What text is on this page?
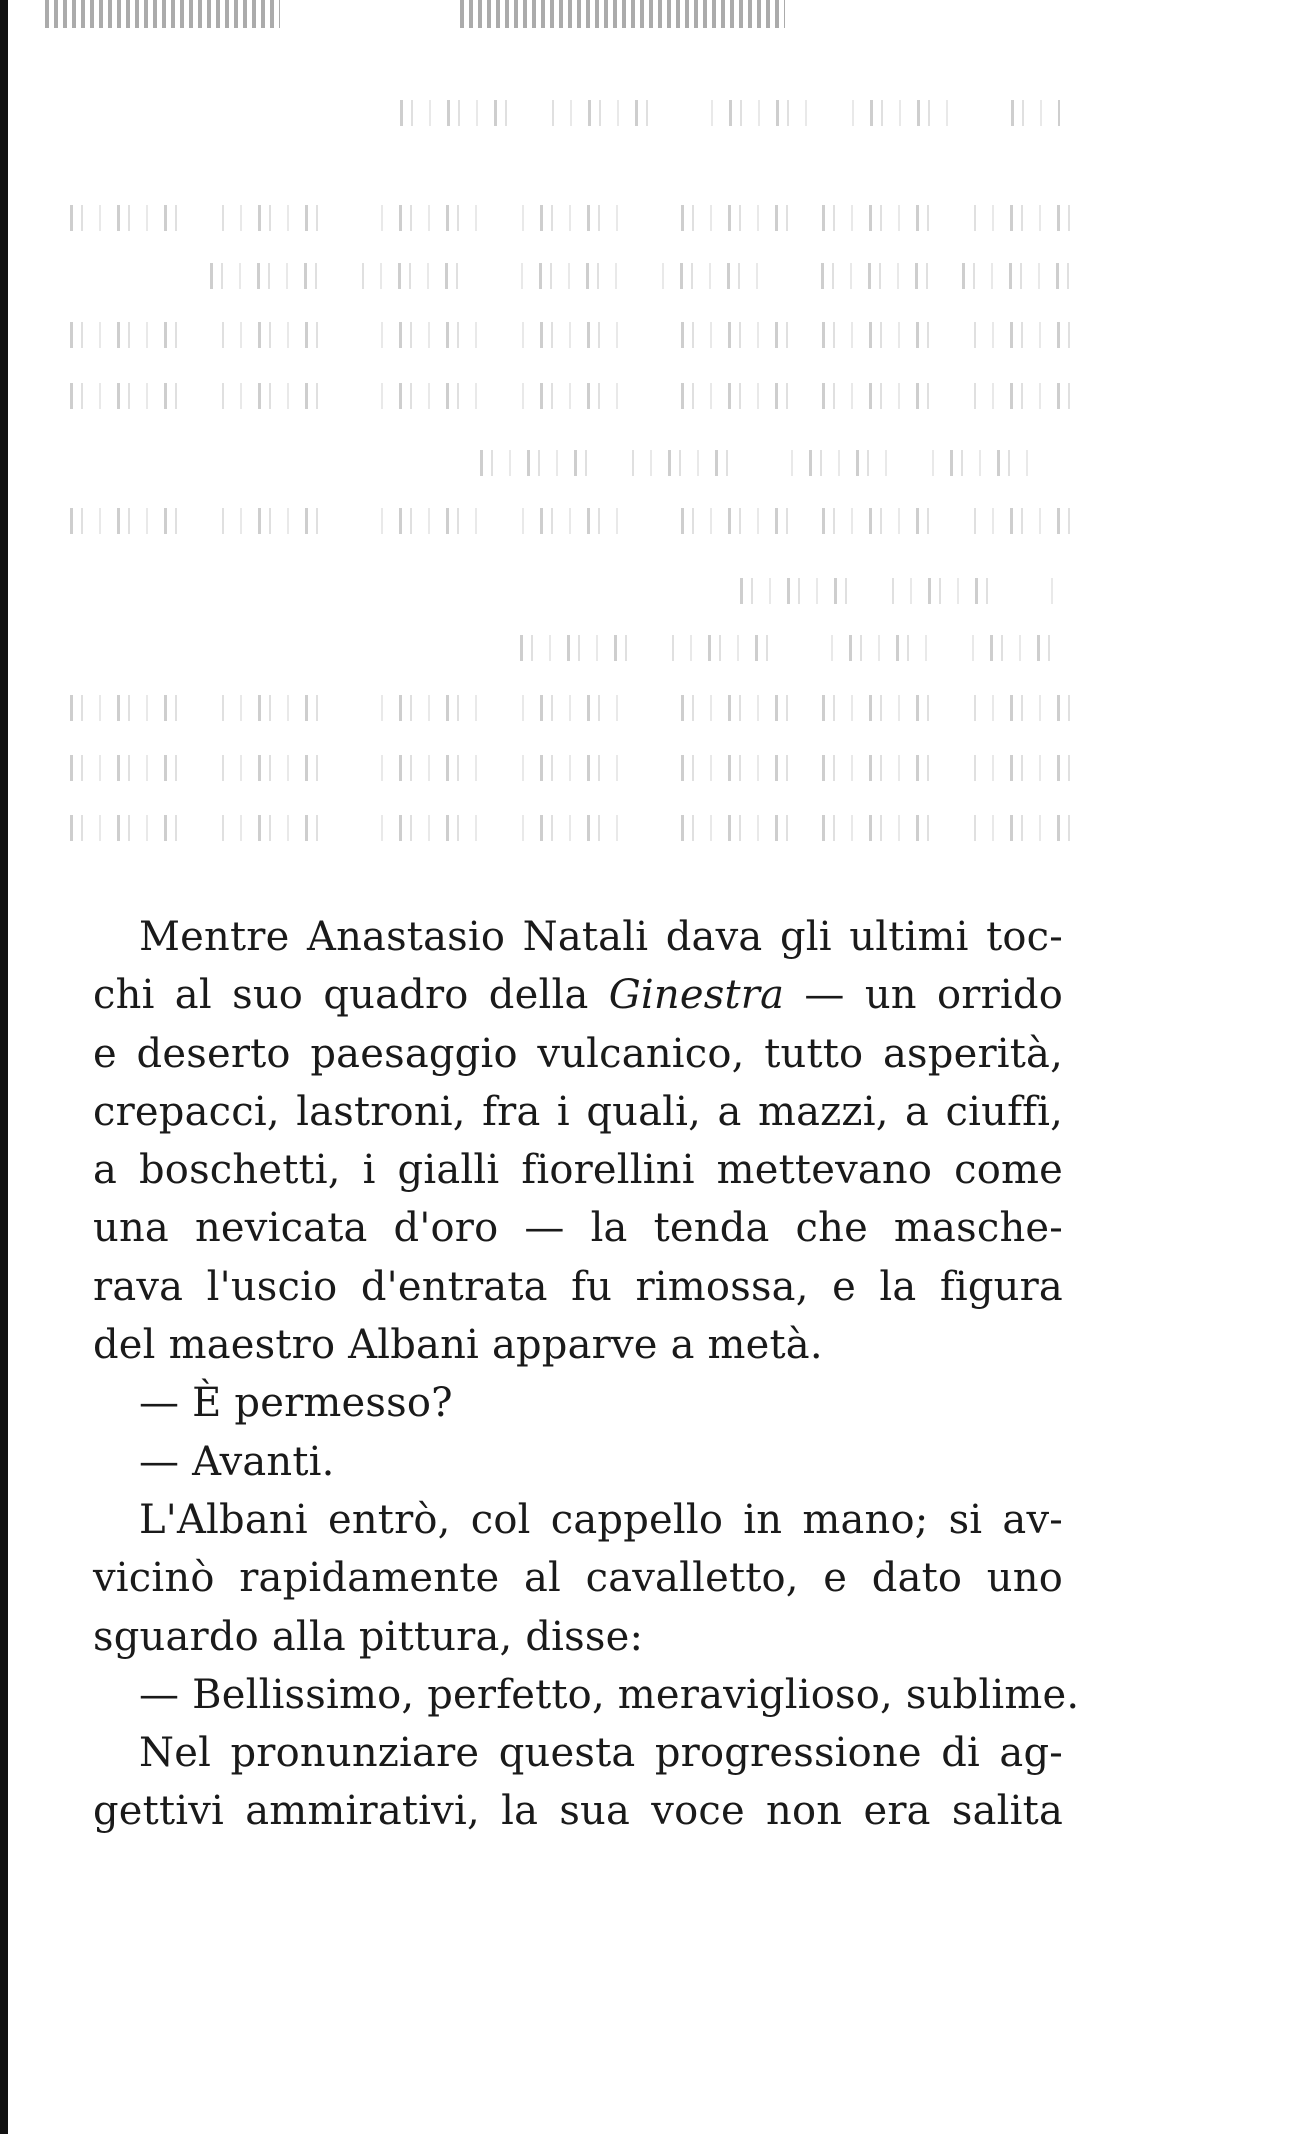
Mentre Anastasio Natali dava gli ultimi toc-
chi al suo quadro della Ginestra — un orrido
e deserto paesaggio vulcanico, tutto asperità,
crepacci, lastroni, fra i quali, a mazzi, a ciuffi,
a boschetti, i gialli fiorellini mettevano come
una nevicata d'oro — la tenda che masche-
rava l'uscio d'entrata fu rimossa, e la figura
del maestro Albani apparve a metà.
— È permesso?
— Avanti.
L'Albani entrò, col cappello in mano; si av-
vicinò rapidamente al cavalletto, e dato uno
sguardo alla pittura, disse:
— Bellissimo, perfetto, meraviglioso, sublime.
Nel pronunziare questa progressione di ag-
gettivi ammirativi, la sua voce non era salita
